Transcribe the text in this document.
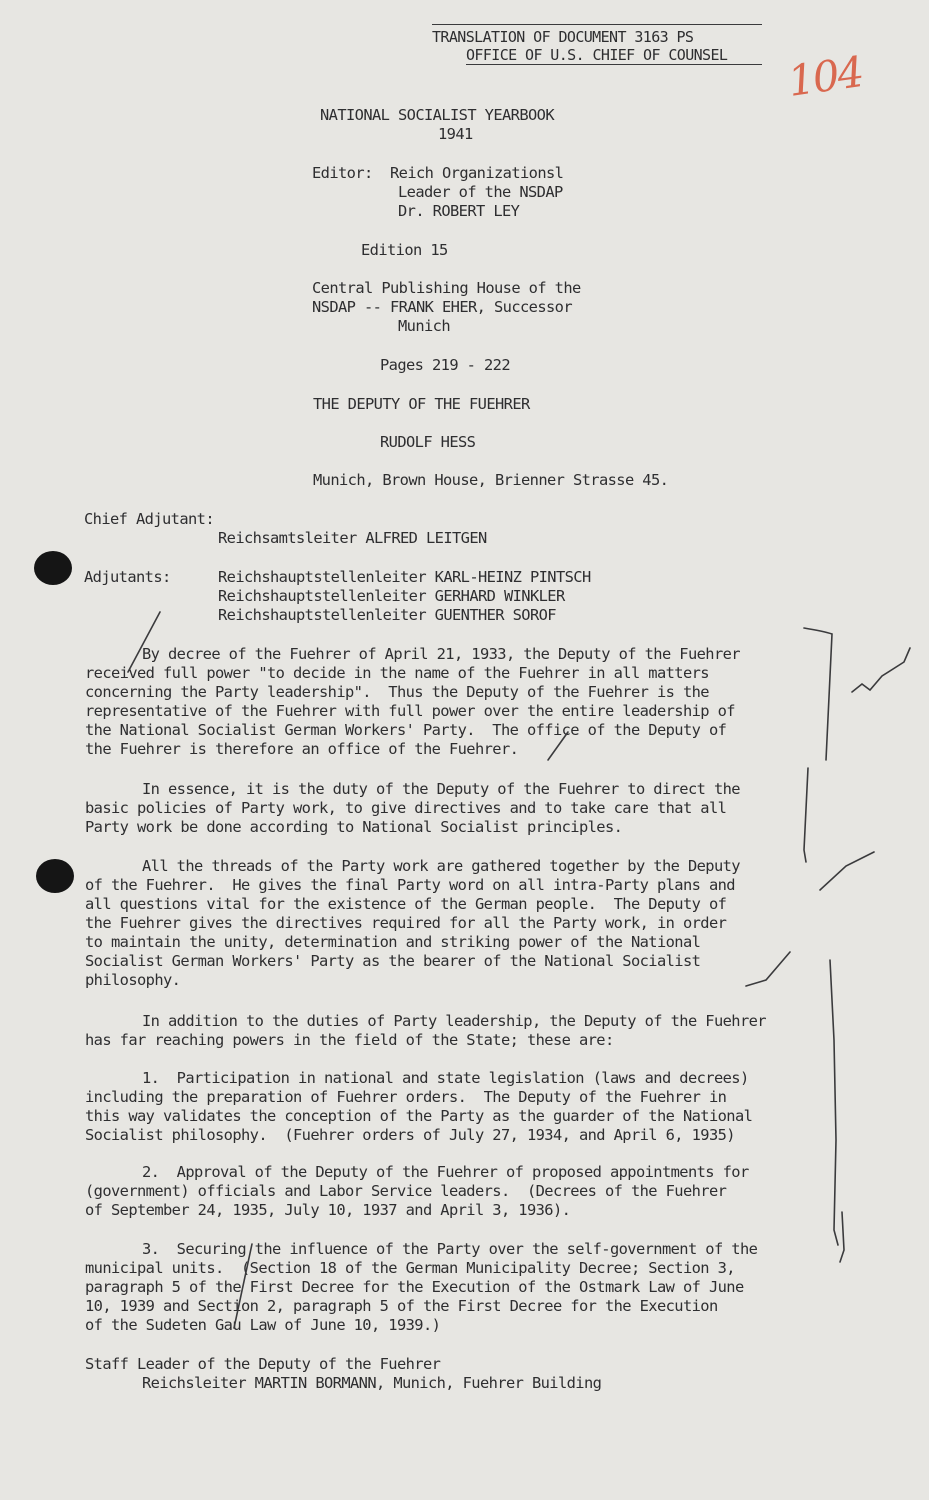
TRANSLATION OF DOCUMENT 3163 PS
OFFICE OF U.S. CHIEF OF COUNSEL 104
NATIONAL SOCIALIST YEARBOOK
1941
Editor:  Reich Organizationsl
Leader of the NSDAP
Dr. ROBERT LEY
Edition 15
Central Publishing House of the
NSDAP -- FRANK EHER, Successor
Munich
Pages 219 - 222
THE DEPUTY OF THE FUEHRER
RUDOLF HESS
Munich, Brown House, Brienner Strasse 45.
Chief Adjutant:
Reichsamtsleiter ALFRED LEITGEN
Adjutants:	Reichshauptstellenleiter KARL-HEINZ PINTSCH
Reichshauptstellenleiter GERHARD WINKLER
Reichshauptstellenleiter GUENTHER SOROF
By decree of the Fuehrer of April 21, 1933, the Deputy of the Fuehrer
received full power "to decide in the name of the Fuehrer in all matters
concerning the Party leadership".  Thus the Deputy of the Fuehrer is the
representative of the Fuehrer with full power over the entire leadership of
the National Socialist German Workers' Party.  The office of the Deputy of
the Fuehrer is therefore an office of the Fuehrer.
In essence, it is the duty of the Deputy of the Fuehrer to direct the
basic policies of Party work, to give directives and to take care that all
Party work be done according to National Socialist principles.
All the threads of the Party work are gathered together by the Deputy
of the Fuehrer.  He gives the final Party word on all intra-Party plans and
all questions vital for the existence of the German people.  The Deputy of
the Fuehrer gives the directives required for all the Party work, in order
to maintain the unity, determination and striking power of the National
Socialist German Workers' Party as the bearer of the National Socialist
philosophy.
In addition to the duties of Party leadership, the Deputy of the Fuehrer
has far reaching powers in the field of the State; these are:
1.  Participation in national and state legislation (laws and decrees)
including the preparation of Fuehrer orders.  The Deputy of the Fuehrer in
this way validates the conception of the Party as the guarder of the National
Socialist philosophy.  (Fuehrer orders of July 27, 1934, and April 6, 1935)
2.  Approval of the Deputy of the Fuehrer of proposed appointments for
(government) officials and Labor Service leaders.  (Decrees of the Fuehrer
of September 24, 1935, July 10, 1937 and April 3, 1936).
3.  Securing the influence of the Party over the self-government of the
municipal units.  (Section 18 of the German Municipality Decree; Section 3,
paragraph 5 of the First Decree for the Execution of the Ostmark Law of June
10, 1939 and Section 2, paragraph 5 of the First Decree for the Execution
of the Sudeten Gau Law of June 10, 1939.)
Staff Leader of the Deputy of the Fuehrer
Reichsleiter MARTIN BORMANN, Munich, Fuehrer Building
